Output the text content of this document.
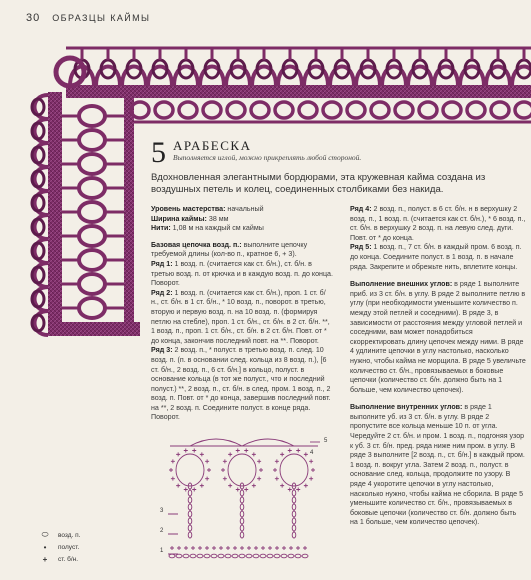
30 ОБРАЗЦЫ КАЙМЫ
5 АРАБЕСКА
Выполняется иглой, можно прикреплять любой стороной.
Вдохновленная элегантными бордюрами, эта кружевная кайма создана из воздушных петель и колец, соединенных столбиками без накида.

Уровень мастерства: начальный

Ширина каймы: 38 мм

Нити: 1,08 м на каждый см каймы

Базовая цепочка возд. п.: выполните цепочку требуемой длины (кол-во п., кратное 6, + 3).

Ряд 1: 1 возд. п. (считается как ст. б/н.), ст. б/н. в третью возд. п. от крючка и в каждую возд. п. до конца. Поворот.

Ряд 2: 1 возд. п. (считается как ст. б/н.), проп. 1 ст. б/н., ст. б/н. в 1 ст. б/н., * 10 возд. п., поворот. в третью, вторую и первую возд. п. на 10 возд. п. (формируя петлю на стебле), проп. 1 ст. б/н., ст. б/н. в 2 ст. б/н. **, 1 возд. п., проп. 1 ст. б/н., ст. б/н. в 2 ст. б/н. Повт. от * до конца, закончив последний повт. на **. Поворот.

Ряд 3: 2 возд. п., * полуст. в третью возд. п. след. 10 возд. п. (п. в основании след. кольца из 8 возд. п.), [6 ст. б/н., 2 возд. п., 6 ст. б/н.] в кольцо, полуст. в основание кольца (в тот же полуст., что и последний полуст.) **, 2 возд. п., ст. б/н. в след. пром. 1 возд. п., 2 возд. п. Повт. от * до конца, завершив последний повт. на **, 2 возд. п. Соедините полуст. в конце ряда. Поворот.

Ряд 4: 2 возд. п., полуст. в 6 ст. б/н. н в верхушку 2 возд. п., 1 возд. п. (считается как ст. б/н.), * 6 возд. п., ст. б/н. в верхушку 2 возд. п. на левую след. дуги. Повт. от * до конца.

Ряд 5: 1 возд. п., 7 ст. б/н. в каждый пром. 6 возд. п. до конца. Соедините полуст. в 1 возд. п. в начале ряда. Закрепите и обрежьте нить, вплетите концы.

Выполнение внешних углов: в ряде 1 выполните приб. из 3 ст. б/н. в углу. В ряде 2 выполните петлю в углу (при необходимости уменьшите количество п. между этой петлей и соседними). В ряде 3, в зависимости от расстояния между угловой петлей и соседними, вам может понадобиться скорректировать длину цепочек между ними. В ряде 4 удлините цепочки в углу настолько, насколько нужно, чтобы кайма не морщила. В ряде 5 увеличьте количество ст. б/н., провязываемых в боковые цепочки (количество ст. б/н. должно быть на 1 больше, чем количество цепочек).

Выполнение внутренних углов: в ряде 1 выполните уб. из 3 ст. б/н. в углу. В ряде 2 пропустите все кольца меньше 10 п. от угла. Чередуйте 2 ст. б/н. и пром. 1 возд. п., подгоняя узор к уб. 3 ст. б/н. пред. ряда ниже ним пром. в углу. В ряде 3 выполните [2 возд. п., ст. б/н.] в каждый пром. 1 возд. п. вокруг угла. Затем 2 возд. п., полуст. в основание след. кольца, продолжите по узору. В ряде 4 укоротите цепочки в углу настолько, насколько нужно, чтобы кайма не сборила. В ряде 5 уменьшите количество ст. б/н., провязываемых в боковые цепочки (количество ст. б/н. должно быть на 1 больше, чем количество цепочек).

5
3
2
1
4
⬭ возд. п.
•	полуст.
+	ст. б/н.
